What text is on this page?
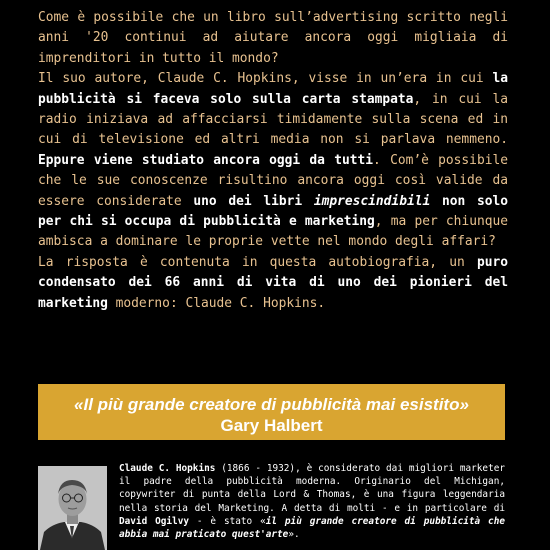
Come è possibile che un libro sull’advertising scritto negli anni '20 continui ad aiutare ancora oggi migliaia di imprenditori in tutto il mondo?

Il suo autore, Claude C. Hopkins, visse in un’era in cui la pubblicità si faceva solo sulla carta stampata, in cui la radio iniziava ad affacciarsi timidamente sulla scena ed in cui di televisione ed altri media non si parlava nemmeno. Eppure viene studiato ancora oggi da tutti. Com’è possibile che le sue conoscenze risultino ancora oggi così valide da essere considerate uno dei libri imprescindibili non solo per chi si occupa di pubblicità e marketing, ma per chiunque ambisca a dominare le proprie vette nel mondo degli affari?

La risposta è contenuta in questa autobiografia, un puro condensato dei 66 anni di vita di uno dei pionieri del marketing moderno: Claude C. Hopkins.

«Il più grande creatore di pubblicità mai esistito»
Gary Halbert
Claude C. Hopkins (1866 - 1932), è considerato dai migliori marketer il padre della pubblicità moderna. Originario del Michigan, copywriter di punta della Lord & Thomas, è una figura leggendaria nella storia del Marketing. A detta di molti - e in particolare di David Ogilvy - è stato «il più grande creatore di pubblicità che abbia mai praticato quest'arte».
